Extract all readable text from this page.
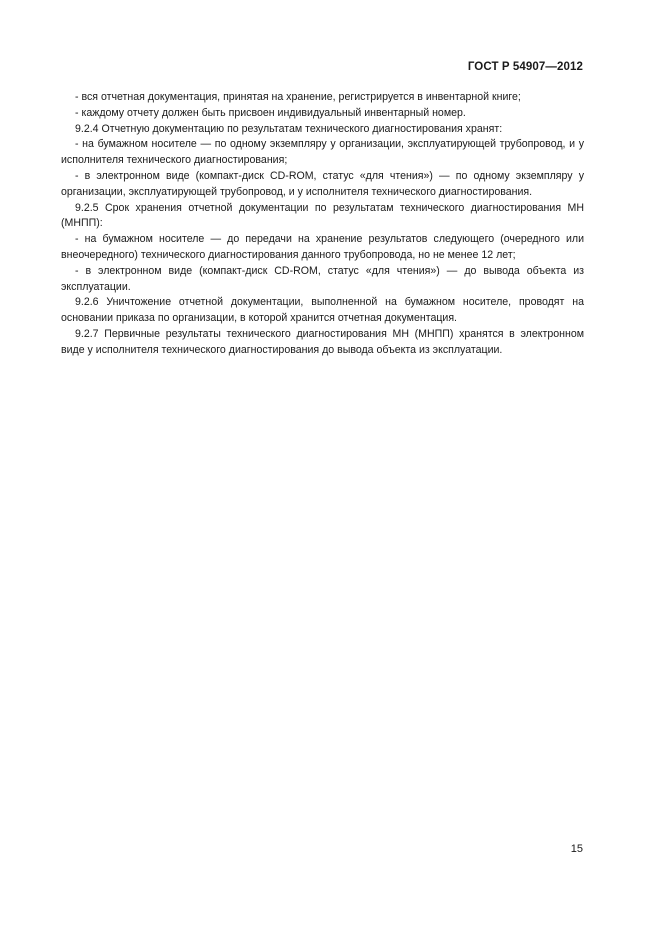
ГОСТ Р 54907—2012

- вся отчетная документация, принятая на хранение, регистрируется в инвентарной книге;

- каждому отчету должен быть присвоен индивидуальный инвентарный номер.

9.2.4 Отчетную документацию по результатам технического диагностирования хранят:

- на бумажном носителе — по одному экземпляру у организации, эксплуатирующей трубопровод, и у исполнителя технического диагностирования;

- в электронном виде (компакт-диск CD-ROM, статус «для чтения») — по одному экземпляру у организации, эксплуатирующей трубопровод, и у исполнителя технического диагностирования.

9.2.5 Срок хранения отчетной документации по результатам технического диагностирования МН (МНПП):

- на бумажном носителе — до передачи на хранение результатов следующего (очередного или внеочередного) технического диагностирования данного трубопровода, но не менее 12 лет;

- в электронном виде (компакт-диск CD-ROM, статус «для чтения») — до вывода объекта из эксплуатации.

9.2.6 Уничтожение отчетной документации, выполненной на бумажном носителе, проводят на основании приказа по организации, в которой хранится отчетная документация.

9.2.7 Первичные результаты технического диагностирования МН (МНПП) хранятся в электронном виде у исполнителя технического диагностирования до вывода объекта из эксплуатации.

15
